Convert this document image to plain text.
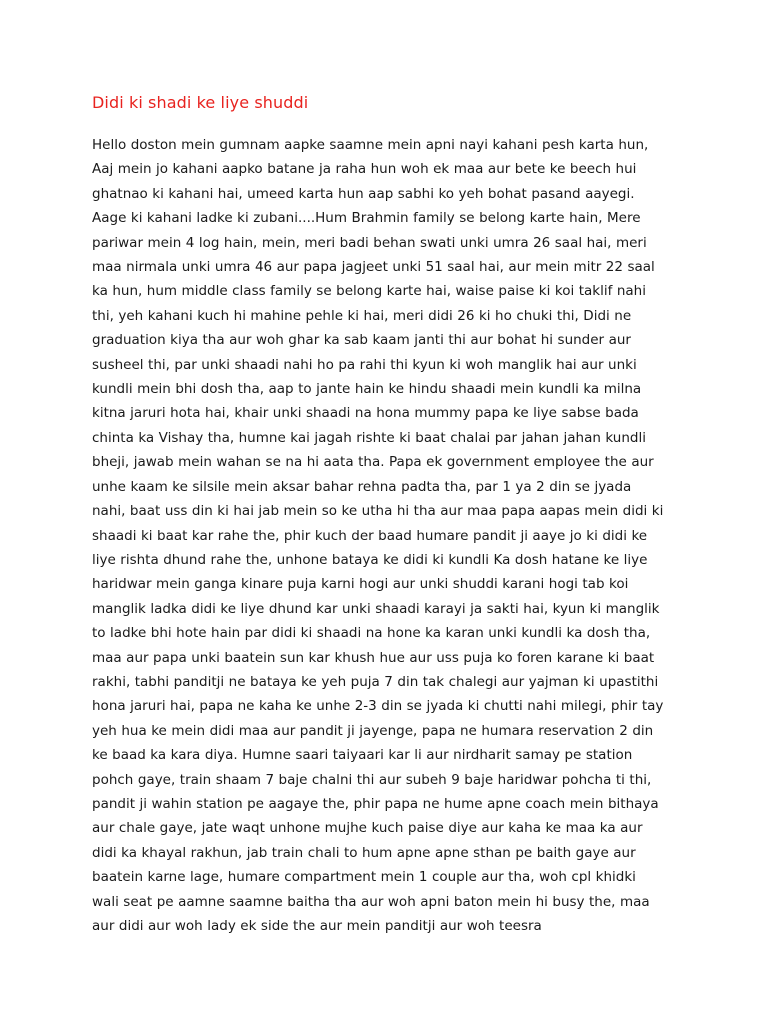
Didi ki shadi ke liye shuddi

Hello doston mein gumnam aapke saamne mein apni nayi kahani pesh karta hun, Aaj mein jo kahani aapko batane ja raha hun woh ek maa aur bete ke beech hui ghatnao ki kahani hai, umeed karta hun aap sabhi ko yeh bohat pasand aayegi. Aage ki kahani ladke ki zubani....Hum Brahmin family se belong karte hain, Mere pariwar mein 4 log hain, mein, meri badi behan swati unki umra 26 saal hai, meri maa nirmala unki umra 46 aur papa jagjeet unki 51 saal hai, aur mein mitr 22 saal ka hun, hum middle class family se belong karte hai, waise paise ki koi taklif nahi thi, yeh kahani kuch hi mahine pehle ki hai, meri didi 26 ki ho chuki thi, Didi ne graduation kiya tha aur woh ghar ka sab kaam janti thi aur bohat hi sunder aur susheel thi, par unki shaadi nahi ho pa rahi thi kyun ki woh manglik hai aur unki kundli mein bhi dosh tha, aap to jante hain ke hindu shaadi mein kundli ka milna kitna jaruri hota hai, khair unki shaadi na hona mummy papa ke liye sabse bada chinta ka Vishay tha, humne kai jagah rishte ki baat chalai par jahan jahan kundli bheji, jawab mein wahan se na hi aata tha. Papa ek government employee the aur unhe kaam ke silsile mein aksar bahar rehna padta tha, par 1 ya 2 din se jyada nahi, baat uss din ki hai jab mein so ke utha hi tha aur maa papa aapas mein didi ki shaadi ki baat kar rahe the, phir kuch der baad humare pandit ji aaye jo ki didi ke liye rishta dhund rahe the, unhone bataya ke didi ki kundli Ka dosh hatane ke liye haridwar mein ganga kinare puja karni hogi aur unki shuddi karani hogi tab koi manglik ladka didi ke liye dhund kar unki shaadi karayi ja sakti hai, kyun ki manglik to ladke bhi hote hain par didi ki shaadi na hone ka karan unki kundli ka dosh tha, maa aur papa unki baatein sun kar khush hue aur uss puja ko foren karane ki baat rakhi, tabhi panditji ne bataya ke yeh puja 7 din tak chalegi aur yajman ki upastithi hona jaruri hai, papa ne kaha ke unhe 2-3 din se jyada ki chutti nahi milegi, phir tay yeh hua ke mein didi maa aur pandit ji jayenge, papa ne humara reservation 2 din ke baad ka kara diya. Humne saari taiyaari kar li aur nirdharit samay pe station pohch gaye, train shaam 7 baje chalni thi aur subeh 9 baje haridwar pohcha ti thi, pandit ji wahin station pe aagaye the, phir papa ne hume apne coach mein bithaya aur chale gaye, jate waqt unhone mujhe kuch paise diye aur kaha ke maa ka aur didi ka khayal rakhun, jab train chali to hum apne apne sthan pe baith gaye aur baatein karne lage, humare compartment mein 1 couple aur tha, woh cpl khidki wali seat pe aamne saamne baitha tha aur woh apni baton mein hi busy the, maa aur didi aur woh lady ek side the aur mein panditji aur woh teesra
